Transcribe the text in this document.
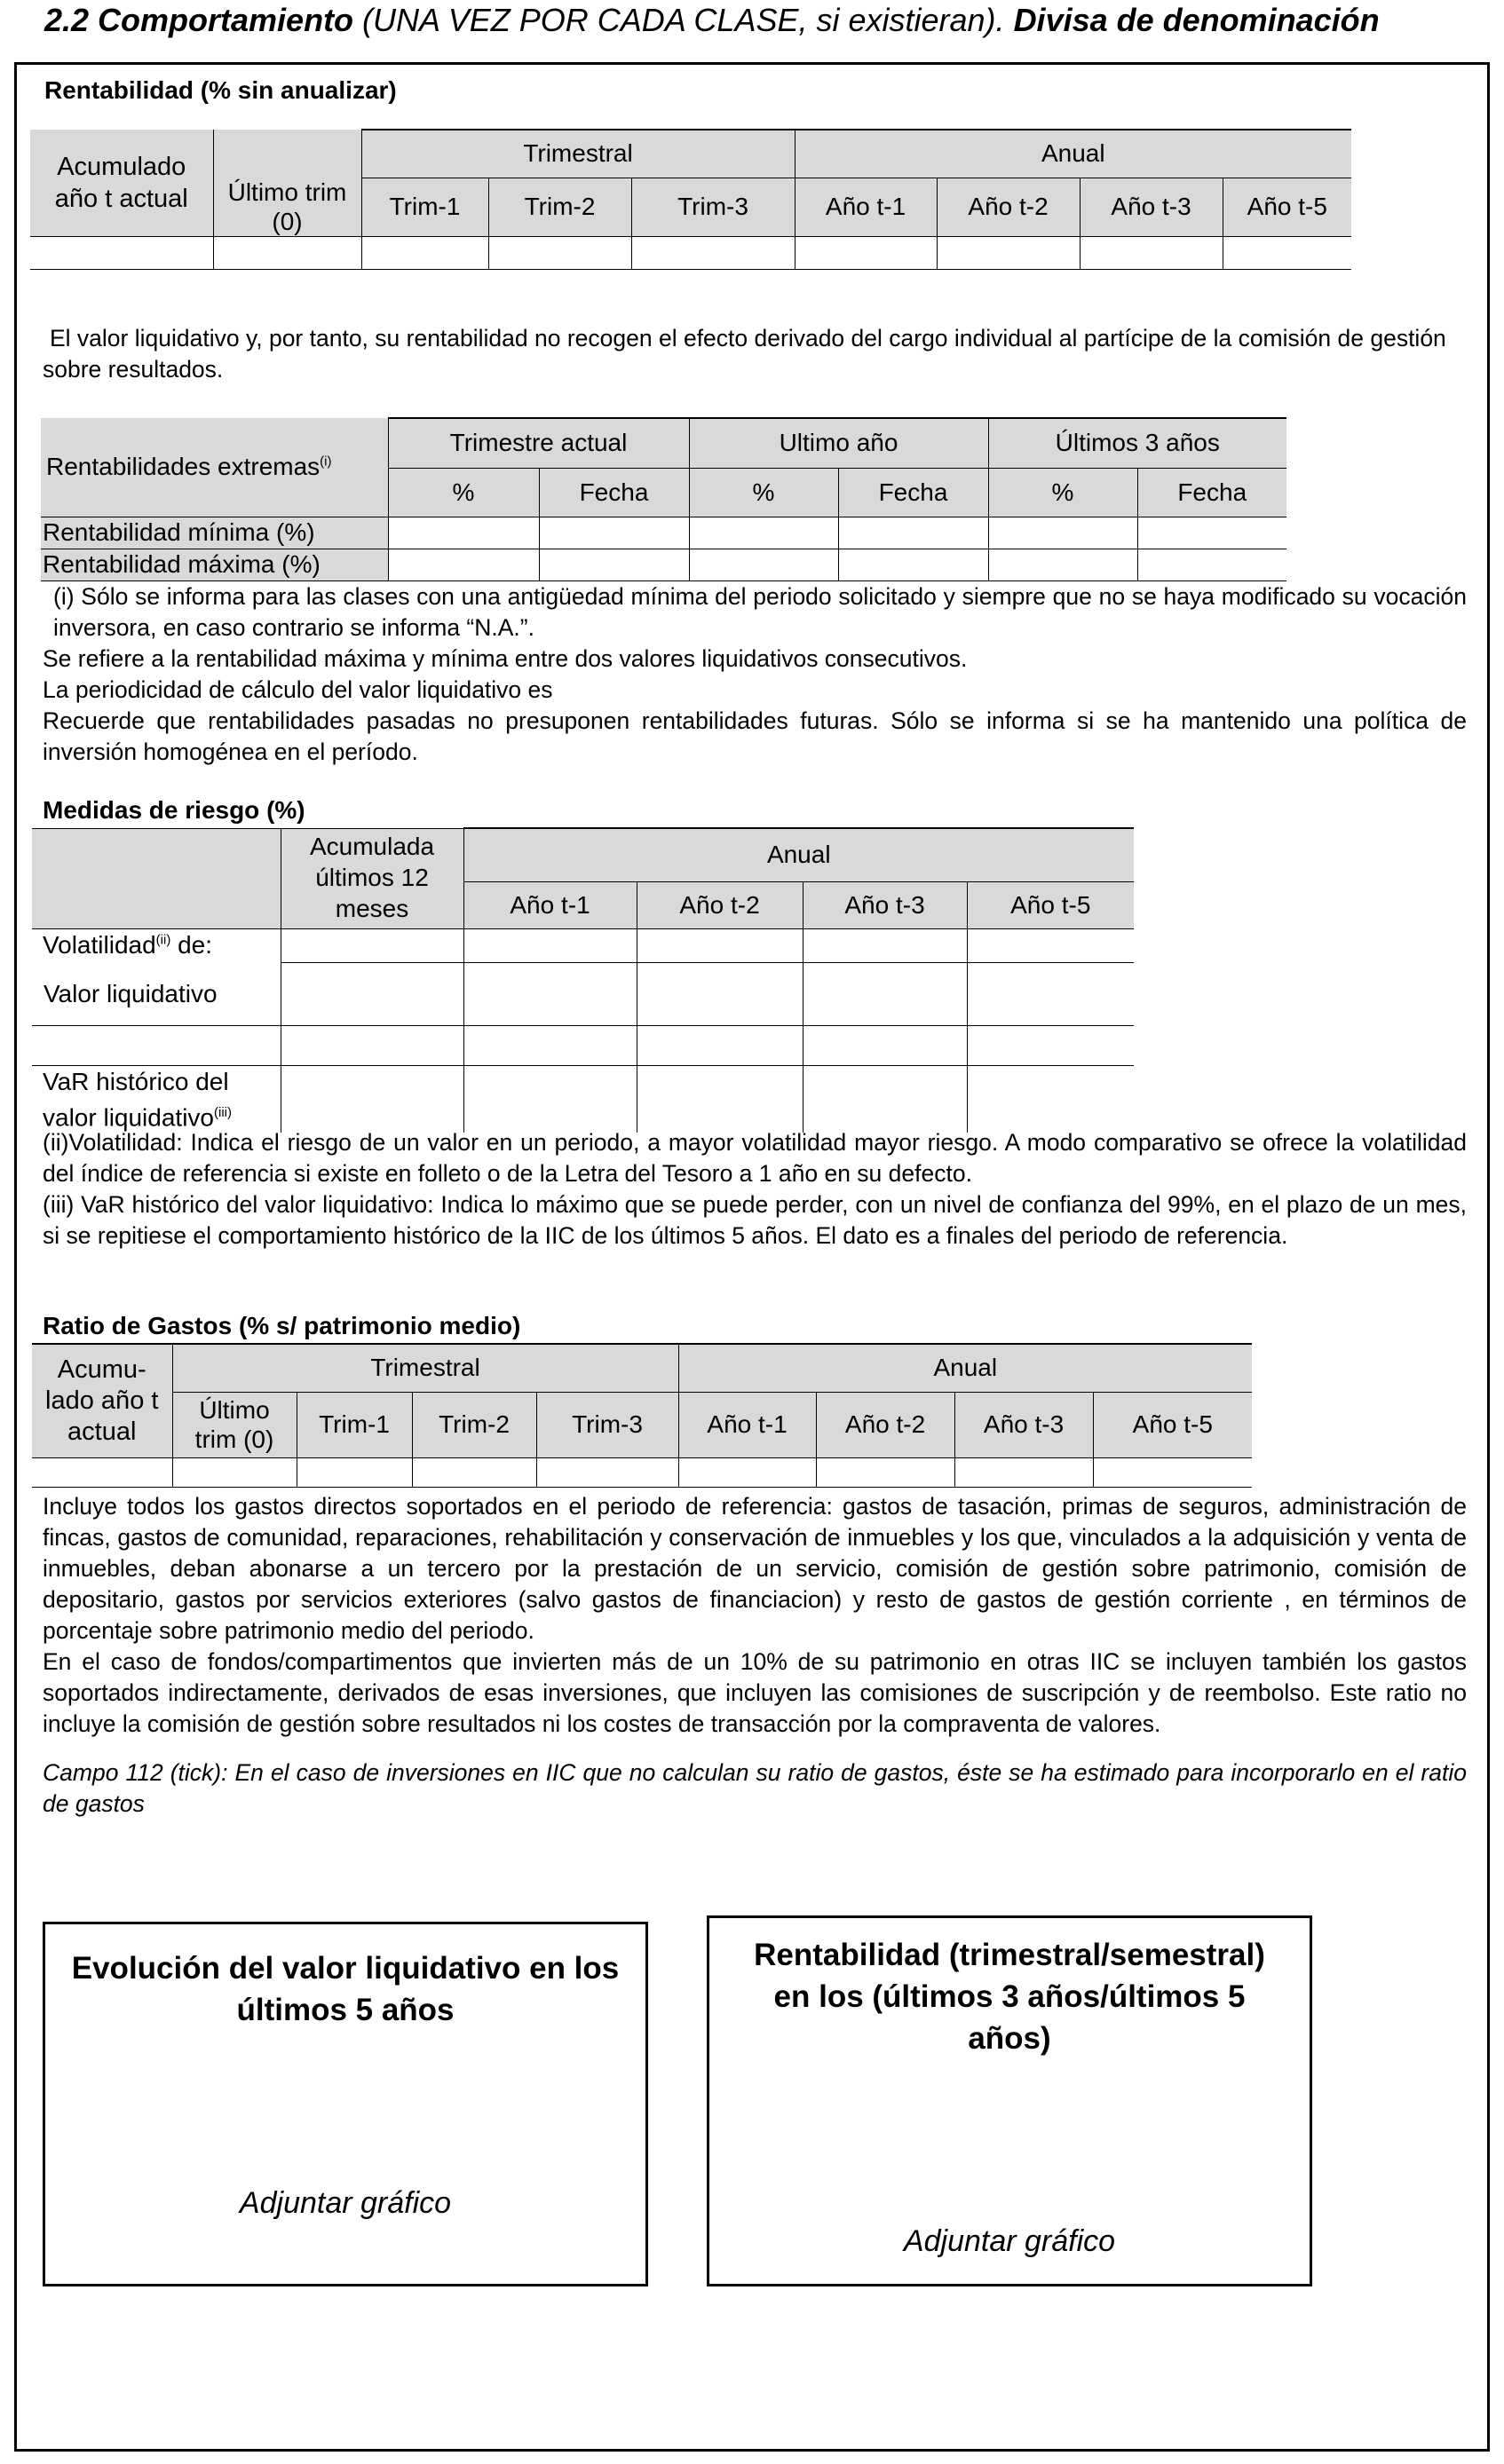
2.2 Comportamiento (UNA VEZ POR CADA CLASE, si existieran). Divisa de denominación
Rentabilidad (% sin anualizar)
Acumulado año t actual		Trimestral			Anual			
	Último trim (0)	Trim-1	Trim-2	Trim-3	Año t-1	Año t-2	Año t-3	Año t-5

El valor liquidativo y, por tanto, su rentabilidad no recogen el efecto derivado del cargo individual al partícipe de la comisión de gestión sobre resultados.

Rentabilidades extremas$^{(i)}$	Trimestre actual		Ultimo año		Últimos 3 años	
	%	Fecha	%	Fecha	%	Fecha
Rentabilidad mínima (%)						
Rentabilidad máxima (%)						

(i) Sólo se informa para las clases con una antigüedad mínima del periodo solicitado y siempre que no se haya modificado su vocación inversora, en caso contrario se informa “N.A.”.

Se refiere a la rentabilidad máxima y mínima entre dos valores liquidativos consecutivos.

La periodicidad de cálculo del valor liquidativo es

Recuerde que rentabilidades pasadas no presuponen rentabilidades futuras. Sólo se informa si se ha mantenido una política de inversión homogénea en el período.

Medidas de riesgo (%)
	Acumulada últimos 12 meses	Anual			
		Año t-1	Año t-2	Año t-3	Año t-5
Volatilidad$^{(ii)}$ de:					

Valor liquidativo					

VaR histórico del
valor liquidativo$^{(iii)}$					

(ii)Volatilidad: Indica el riesgo de un valor en un periodo, a mayor volatilidad mayor riesgo. A modo comparativo se ofrece la volatilidad del índice de referencia si existe en folleto o de la Letra del Tesoro a 1 año en su defecto.

(iii) VaR histórico del valor liquidativo: Indica lo máximo que se puede perder, con un nivel de confianza del 99%, en el plazo de un mes, si se repitiese el comportamiento histórico de la IIC de los últimos 5 años. El dato es a finales del periodo de referencia.

Ratio de Gastos (% s/ patrimonio medio)
Acumu- lado año t actual	Trimestral				Anual			
	Último trim (0)	Trim-1	Trim-2	Trim-3	Año t-1	Año t-2	Año t-3	Año t-5

Incluye todos los gastos directos soportados en el periodo de referencia: gastos de tasación, primas de seguros, administración de fincas, gastos de comunidad, reparaciones, rehabilitación y conservación de inmuebles y los que, vinculados a la adquisición y venta de inmuebles, deban abonarse a un tercero por la prestación de un servicio, comisión de gestión sobre patrimonio, comisión de depositario, gastos por servicios exteriores (salvo gastos de financiacion) y resto de gastos de gestión corriente , en términos de porcentaje sobre patrimonio medio del periodo.

En el caso de fondos/compartimentos que invierten más de un 10% de su patrimonio en otras IIC se incluyen también los gastos soportados indirectamente, derivados de esas inversiones, que incluyen las comisiones de suscripción y de reembolso. Este ratio no incluye la comisión de gestión sobre resultados ni los costes de transacción por la compraventa de valores.

Campo 112 (tick): En el caso de inversiones en IIC que no calculan su ratio de gastos, éste se ha estimado para incorporarlo en el ratio de gastos

Evolución del valor liquidativo en los últimos 5 años
Adjuntar gráfico
Rentabilidad (trimestral/semestral) en los (últimos 3 años/últimos 5 años)
Adjuntar gráfico
